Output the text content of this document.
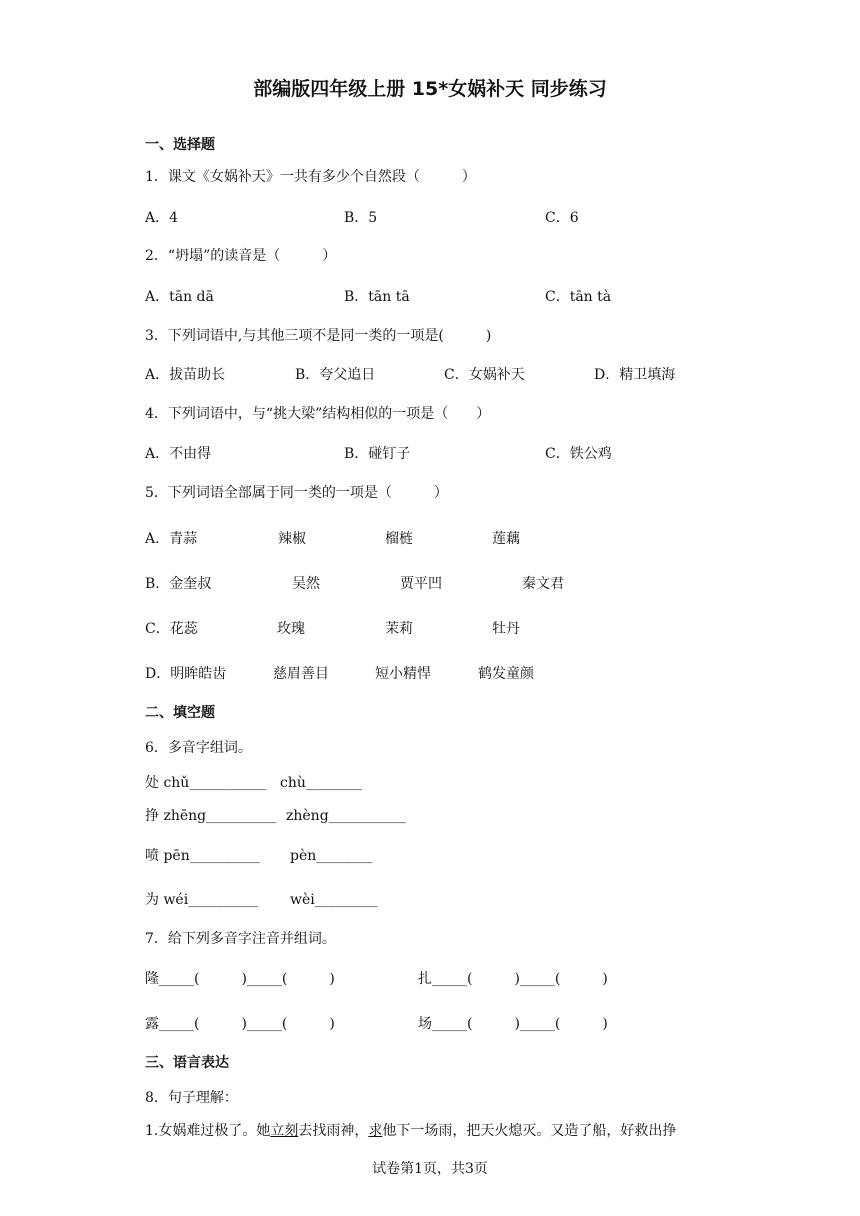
部编版四年级上册 15*女娲补天 同步练习
一、选择题
1．课文《女娲补天》一共有多少个自然段（　　　）
A．4	B．5	C．6
2．“坍塌”的读音是（　　　）
A．tān dā	B．tān tā	C．tān tà
3．下列词语中,与其他三项不是同一类的一项是(　　　)
A．拔苗助长	B．夸父追日	C．女娲补天	D．精卫填海
4．下列词语中，与“挑大梁”结构相似的一项是（　　）
A．不由得	B．碰钉子	C．铁公鸡
5．下列词语全部属于同一类的一项是（　　　）
A．青蒜	辣椒	榴梿	莲藕
B．金奎叔	吴然	贾平凹	秦文君
C．花蕊	玫瑰	茉莉	牡丹
D．明眸皓齿	慈眉善目	短小精悍	鹤发童颜
二、填空题
6．多音字组词。
处 chǔ___________ chù________
挣 zhēng__________ zhèng___________
喷 pēn__________ pèn________
为 wéi__________ wèi_________
7．给下列多音字注音并组词。
隆_____(　　　)_____(　　　)	扎_____(　　　)_____(　　　)
露_____(　　　)_____(　　　)	场_____(　　　)_____(　　　)
三、语言表达
8．句子理解：
1.女娲难过极了。她立刻去找雨神，求他下一场雨，把天火熄灭。又造了船，好救出挣
试卷第1页，共3页
